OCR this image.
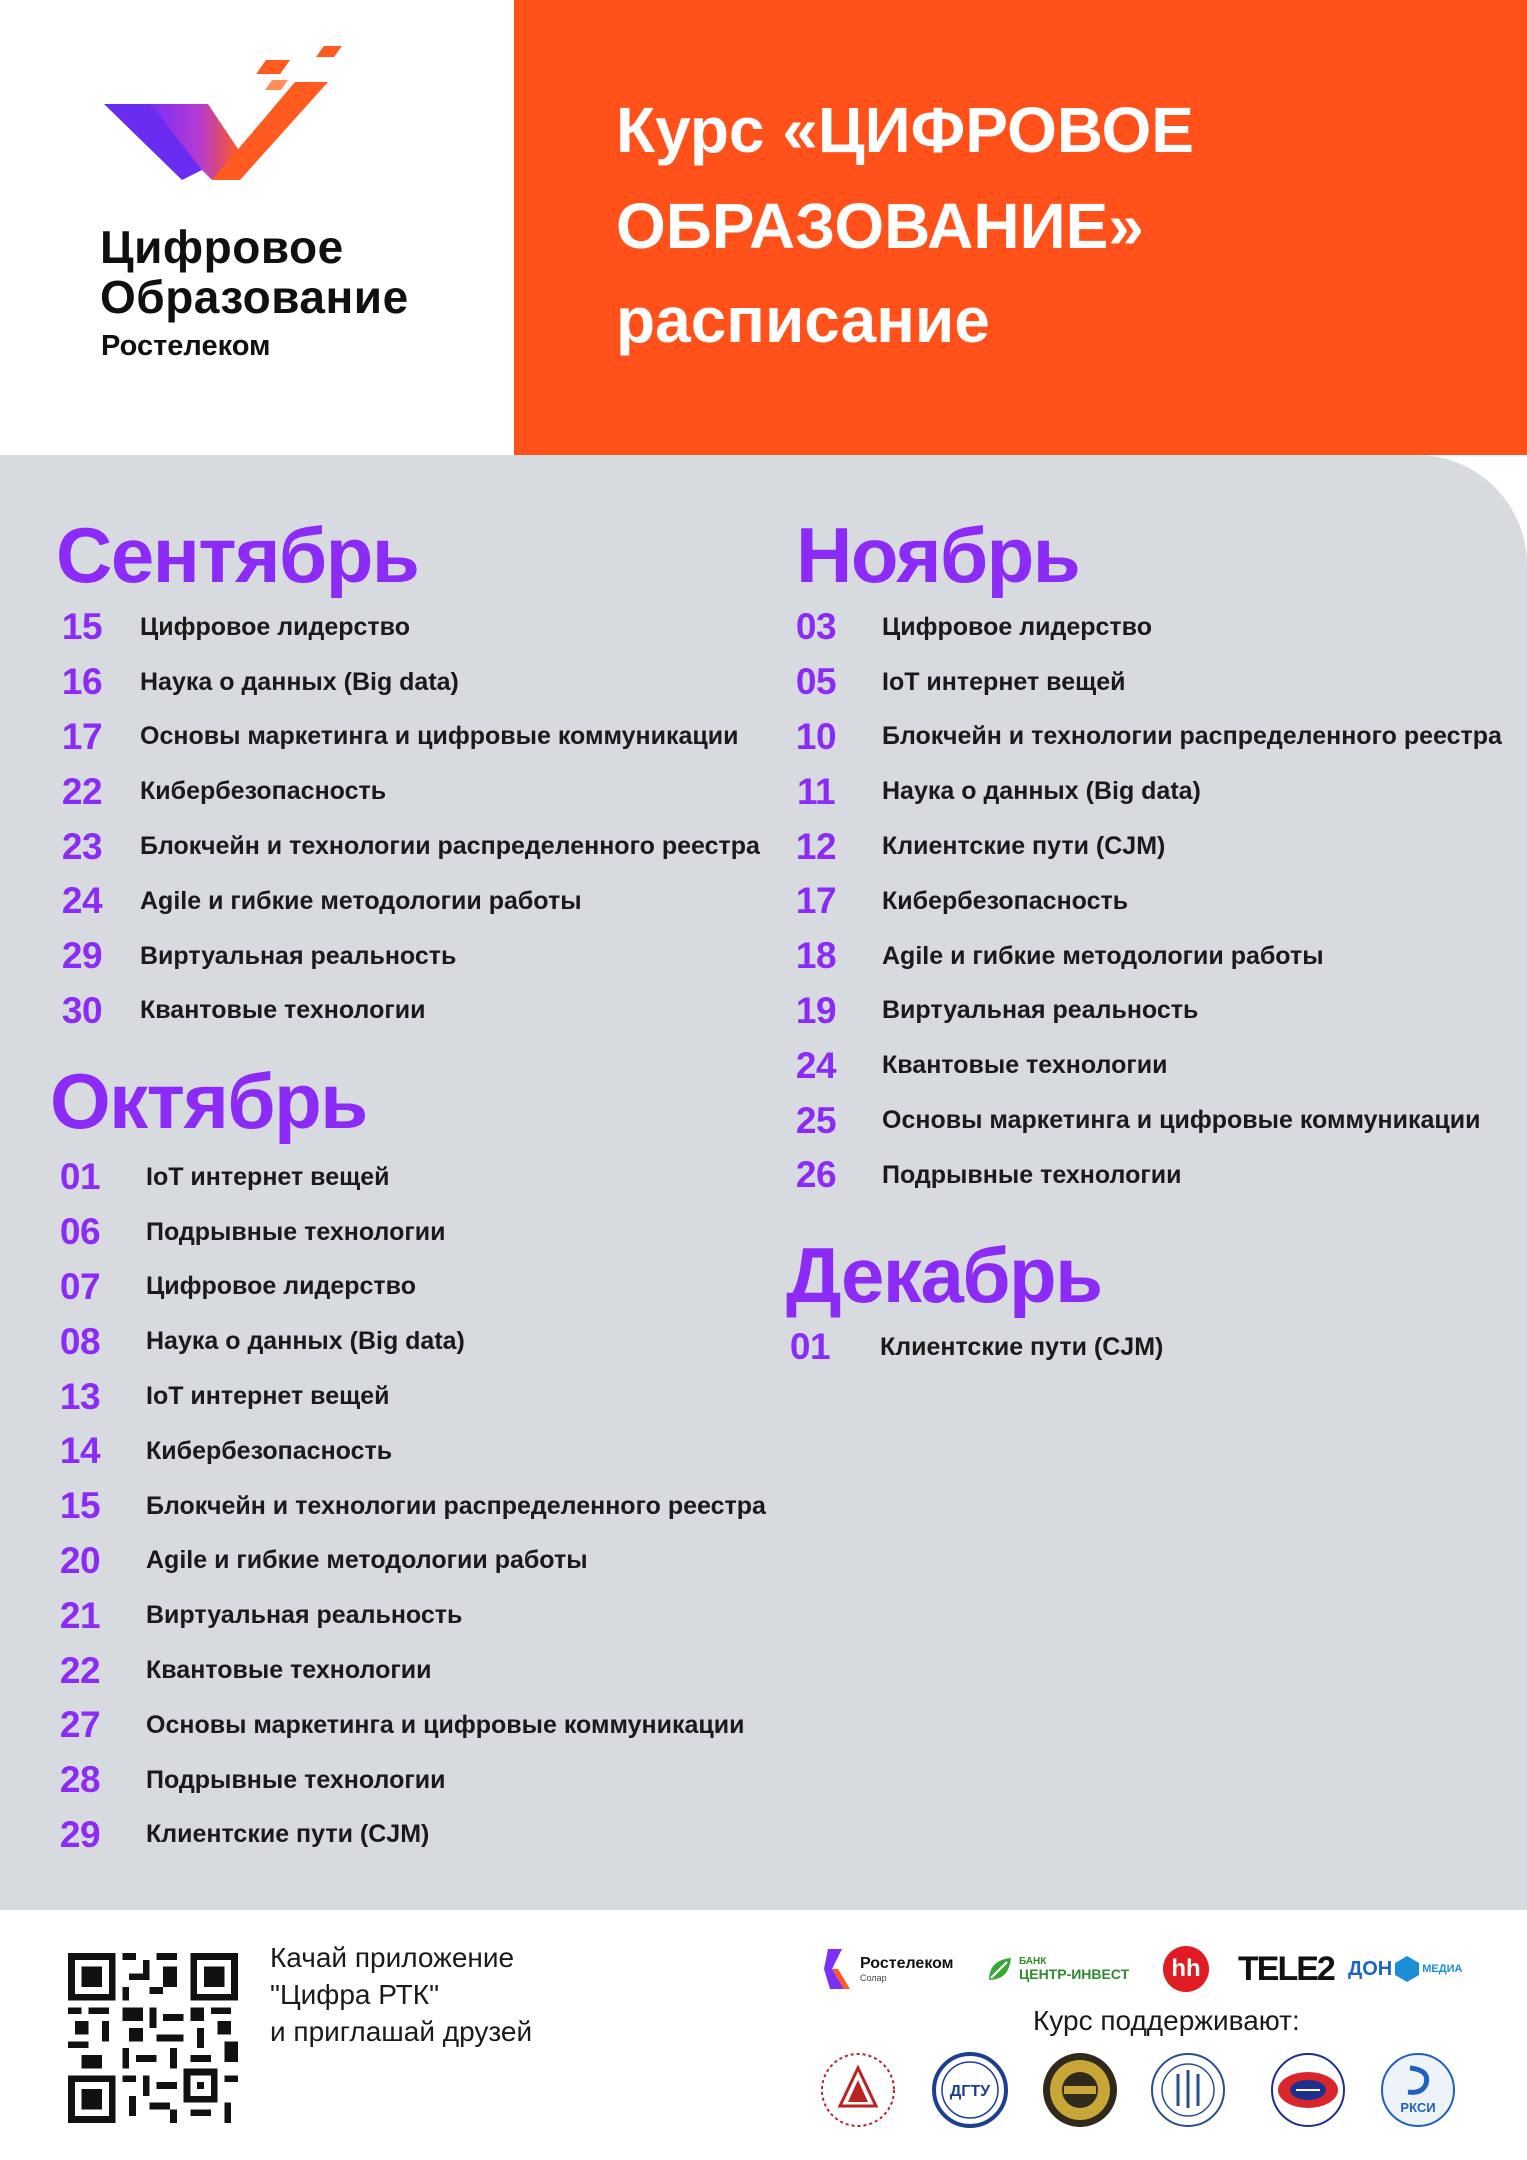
Цифровое
Образование
Ростелеком
Курс «ЦИФРОВОЕ
ОБРАЗОВАНИЕ»
расписание
Сентябрь
15	Цифровое лидерство
16	Наука о данных (Big data)
17	Основы маркетинга и цифровые коммуникации
22	Кибербезопасность
23	Блокчейн и технологии распределенного реестра
24	Agile и гибкие методологии работы
29	Виртуальная реальность
30	Квантовые технологии
Октябрь
01	IoT интернет вещей
06	Подрывные технологии
07	Цифровое лидерство
08	Наука о данных (Big data)
13	IoT интернет вещей
14	Кибербезопасность
15	Блокчейн и технологии распределенного реестра
20	Agile и гибкие методологии работы
21	Виртуальная реальность
22	Квантовые технологии
27	Основы маркетинга и цифровые коммуникации
28	Подрывные технологии
29	Клиентские пути (CJM)
Ноябрь
03	Цифровое лидерство
05	IoT интернет вещей
10	Блокчейн и технологии распределенного реестра
11	Наука о данных (Big data)
12	Клиентские пути (CJM)
17	Кибербезопасность
18	Agile и гибкие методологии работы
19	Виртуальная реальность
24	Квантовые технологии
25	Основы маркетинга и цифровые коммуникации
26	Подрывные технологии
Декабрь
01	Клиентские пути (CJM)
Качай приложение
"Цифра РТК"
и приглашай друзей
Ростелеком
Солар
БАНК
ЦЕНТР-ИНВЕСТ	hh TELE2 ДОН	МЕДИА
Курс поддерживают:
ДГТУ
РКСИ
